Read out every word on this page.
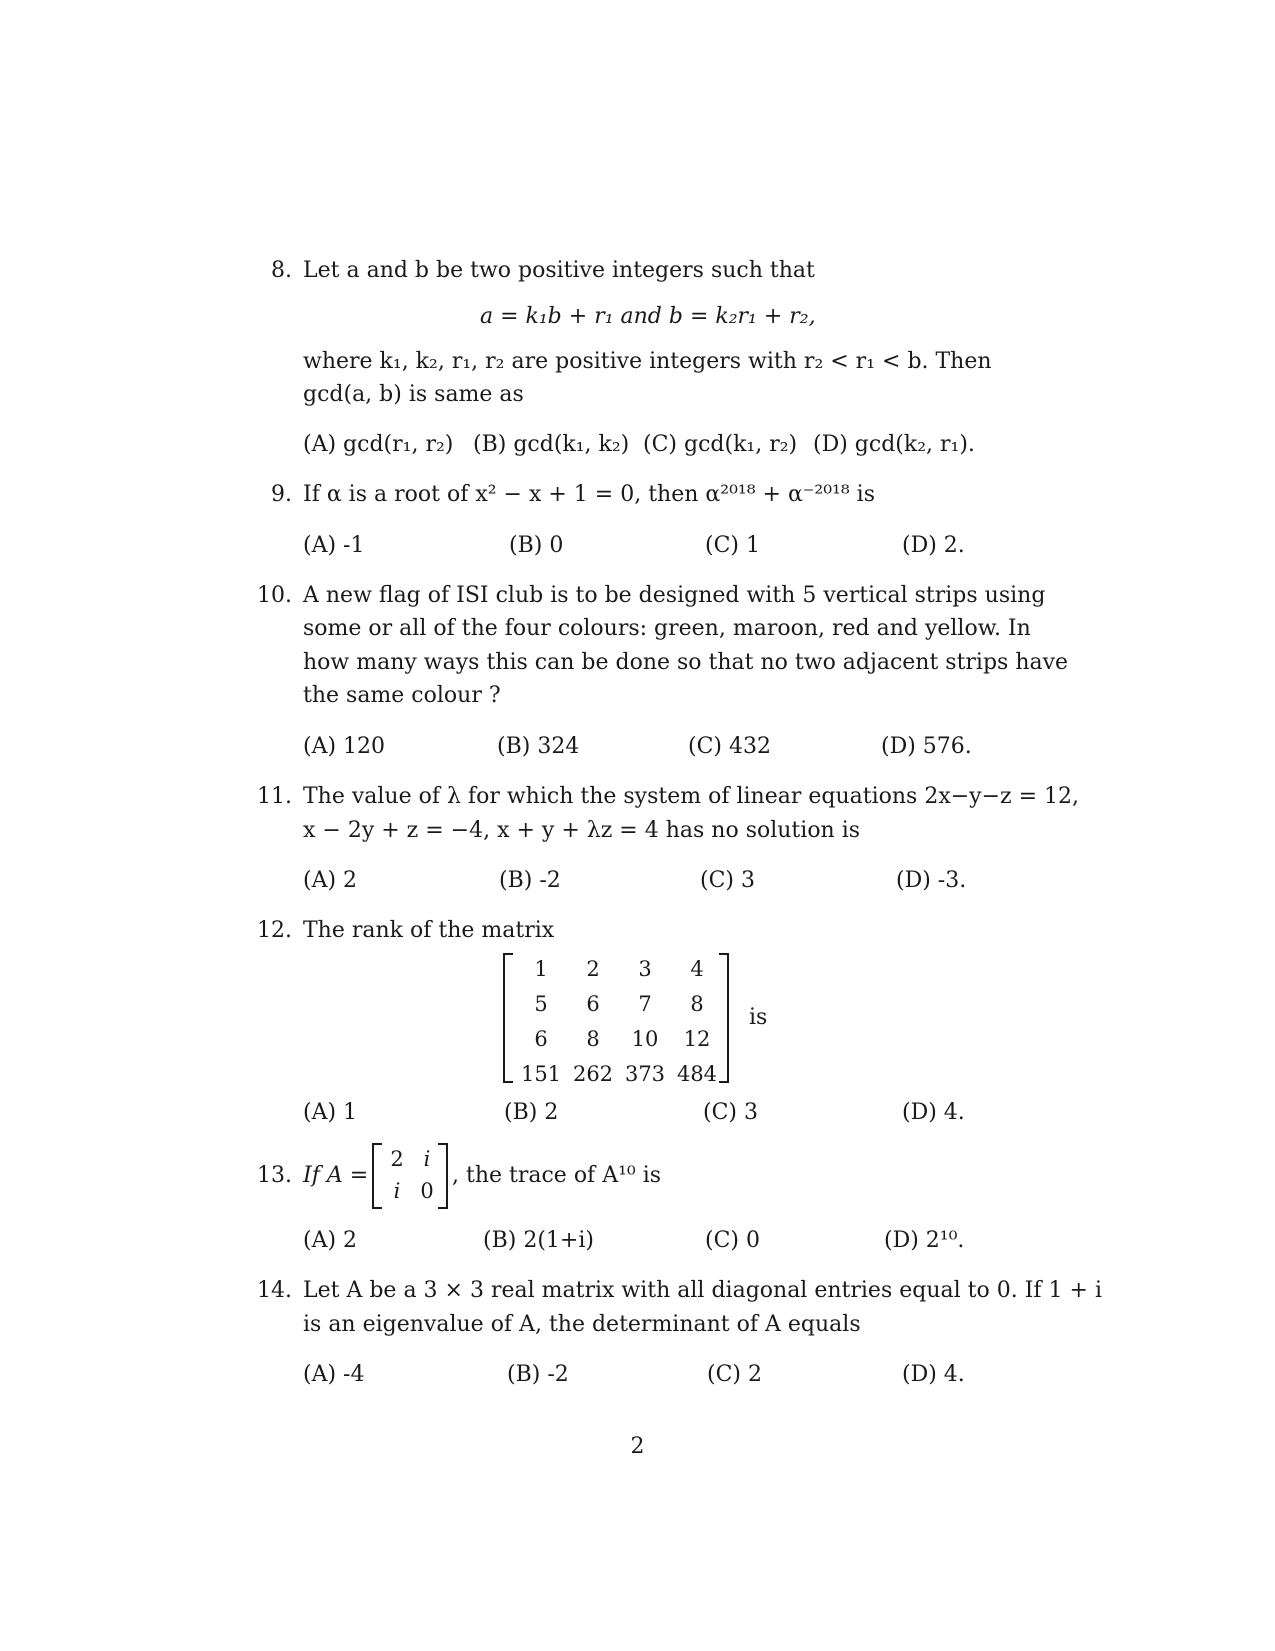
8. Let a and b be two positive integers such that
a = k₁b + r₁ and b = k₂r₁ + r₂,
where k₁, k₂, r₁, r₂ are positive integers with r₂ < r₁ < b. Then
gcd(a, b) is same as
(A) gcd(r₁, r₂) (B) gcd(k₁, k₂) (C) gcd(k₁, r₂) (D) gcd(k₂, r₁).
9. If α is a root of x² − x + 1 = 0, then α²⁰¹⁸ + α⁻²⁰¹⁸ is
(A) -1	(B) 0	(C) 1	(D) 2.
10. A new flag of ISI club is to be designed with 5 vertical strips using
some or all of the four colours: green, maroon, red and yellow. In
how many ways this can be done so that no two adjacent strips have
the same colour ?
(A) 120	(B) 324	(C) 432	(D) 576.
11. The value of λ for which the system of linear equations 2x−y−z = 12,
x − 2y + z = −4, x + y + λz = 4 has no solution is
(A) 2	(B) -2	(C) 3	(D) -3.
12. The rank of the matrix
1	2	3	4
5	6	7	8
6	8	10	12
151	262	373	484
is
(A) 1	(B) 2	(C) 3	(D) 4.
13. If A =
2	i
i	0
, the trace of A¹⁰ is
(A) 2	(B) 2(1+i)	(C) 0	(D) 2¹⁰.
14. Let A be a 3 × 3 real matrix with all diagonal entries equal to 0. If 1 + i
is an eigenvalue of A, the determinant of A equals
(A) -4	(B) -2	(C) 2	(D) 4.
2
